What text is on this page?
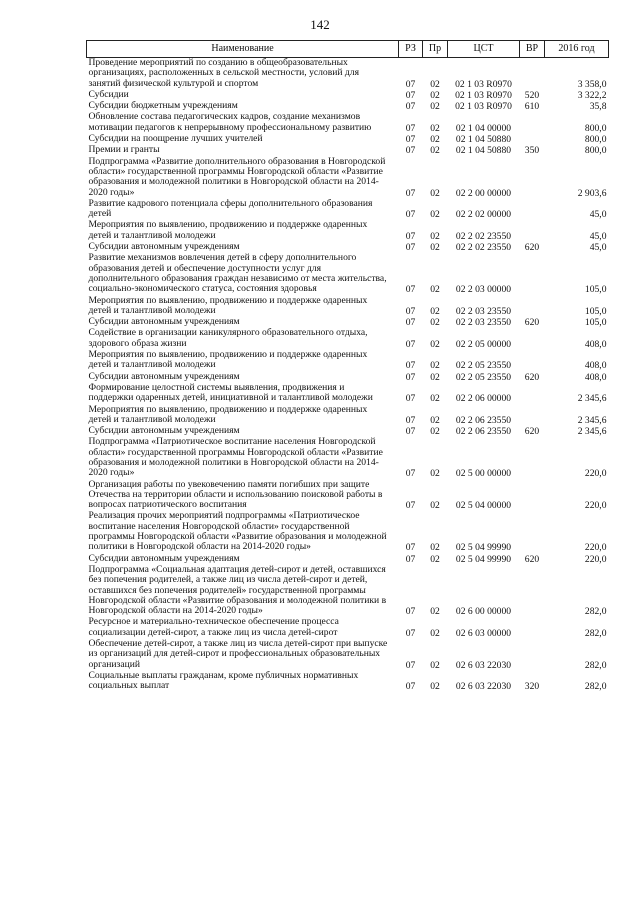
142
Наименование	РЗ	Пр	ЦСТ	ВР	2016 год
Проведение мероприятий по созданию в общеобразовательных организациях, расположенных в сельской местности, условий для занятий физической культурой и спортом	07	02	02 1 03 R0970		3 358,0
Субсидии	07	02	02 1 03 R0970	520	3 322,2
Субсидии бюджетным учреждениям	07	02	02 1 03 R0970	610	35,8
Обновление состава педагогических кадров, создание механизмов мотивации педагогов к непрерывному профессиональному развитию	07	02	02 1 04 00000		800,0
Субсидии на поощрение лучших учителей	07	02	02 1 04 50880		800,0
Премии и гранты	07	02	02 1 04 50880	350	800,0
Подпрограмма «Развитие дополнительного образования в Новгородской области» государственной программы Новгородской области «Развитие образования и молодежной политики в Новгородской области на 2014-2020 годы»	07	02	02 2 00 00000		2 903,6
Развитие кадрового потенциала сферы дополнительного образования детей	07	02	02 2 02 00000		45,0
Мероприятия по выявлению, продвижению и поддержке одаренных детей и талантливой молодежи	07	02	02 2 02 23550		45,0
Субсидии автономным учреждениям	07	02	02 2 02 23550	620	45,0
Развитие механизмов вовлечения детей в сферу дополнительного образования детей и обеспечение доступности услуг для дополнительного образования граждан независимо от места жительства, социально-экономического статуса, состояния здоровья	07	02	02 2 03 00000		105,0
Мероприятия по выявлению, продвижению и поддержке одаренных детей и талантливой молодежи	07	02	02 2 03 23550		105,0
Субсидии автономным учреждениям	07	02	02 2 03 23550	620	105,0
Содействие в организации каникулярного образовательного отдыха, здорового образа жизни	07	02	02 2 05 00000		408,0
Мероприятия по выявлению, продвижению и поддержке одаренных детей и талантливой молодежи	07	02	02 2 05 23550		408,0
Субсидии автономным учреждениям	07	02	02 2 05 23550	620	408,0
Формирование целостной системы выявления, продвижения и поддержки одаренных детей, инициативной и талантливой молодежи	07	02	02 2 06 00000		2 345,6
Мероприятия по выявлению, продвижению и поддержке одаренных детей и талантливой молодежи	07	02	02 2 06 23550		2 345,6
Субсидии автономным учреждениям	07	02	02 2 06 23550	620	2 345,6
Подпрограмма «Патриотическое воспитание населения Новгородской области» государственной программы Новгородской области «Развитие образования и молодежной политики в Новгородской области на 2014-2020 годы»	07	02	02 5 00 00000		220,0
Организация работы по увековечению памяти погибших при защите Отечества на территории области и использованию поисковой работы в вопросах патриотического воспитания	07	02	02 5 04 00000		220,0
Реализация прочих мероприятий подпрограммы «Патриотическое воспитание населения Новгородской области» государственной программы Новгородской области «Развитие образования и молодежной политики в Новгородской области на 2014-2020 годы»	07	02	02 5 04 99990		220,0
Субсидии автономным учреждениям	07	02	02 5 04 99990	620	220,0
Подпрограмма «Социальная адаптация детей-сирот и детей, оставшихся без попечения родителей, а также лиц из числа детей-сирот и детей, оставшихся без попечения родителей» государственной программы Новгородской области «Развитие образования и молодежной политики в Новгородской области на 2014-2020 годы»	07	02	02 6 00 00000		282,0
Ресурсное и материально-техническое обеспечение процесса социализации детей-сирот, а также лиц из числа детей-сирот	07	02	02 6 03 00000		282,0
Обеспечение детей-сирот, а также лиц из числа детей-сирот при выпуске из организаций для детей-сирот и профессиональных образовательных организаций	07	02	02 6 03 22030		282,0
Социальные выплаты гражданам, кроме публичных нормативных социальных выплат	07	02	02 6 03 22030	320	282,0
